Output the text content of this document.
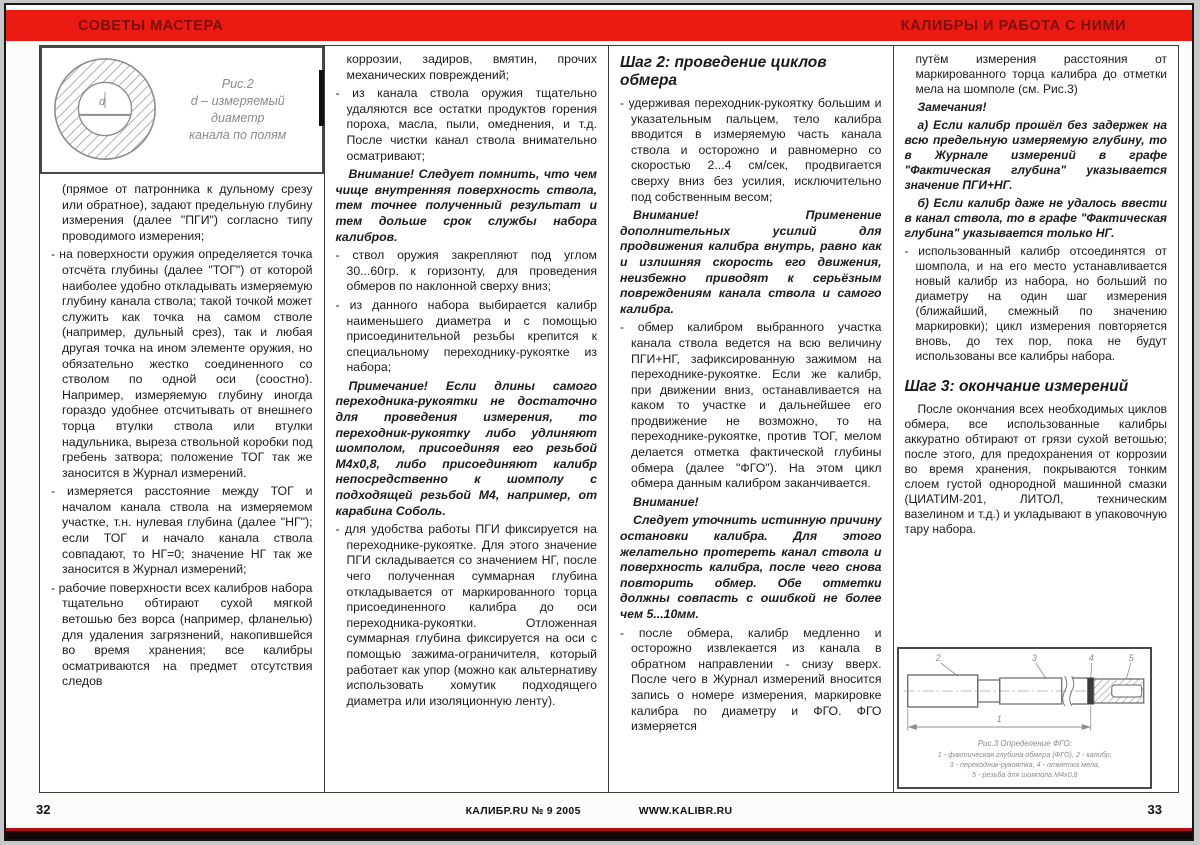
СОВЕТЫ МАСТЕРА	КАЛИБРЫ И РАБОТА С НИМИ
d
Рис.2
d – измеряемый диаметр
канала по полям

(прямое от патронника к дульному срезу или обратное), задают предельную глубину измерения (далее "ПГИ") согласно типу проводимого измерения;

- на поверхности оружия определяется точка отсчёта глубины (далее "ТОГ") от которой наиболее удобно откладывать измеряемую глубину канала ствола; такой точкой может служить как точка на самом стволе (например, дульный срез), так и любая другая точка на ином элементе оружия, но обязательно жестко соединенного со стволом по одной оси (соостно). Например, измеряемую глубину иногда гораздо удобнее отсчитывать от внешнего торца втулки ствола или втулки надульника, выреза ствольной коробки под гребень затвора; положение ТОГ так же заносится в Журнал измерений.

- измеряется расстояние между ТОГ и началом канала ствола на измеряемом участке, т.н. нулевая глубина (далее "НГ"); если ТОГ и начало канала ствола совпадают, то НГ=0; значение НГ так же заносится в Журнал измерений;

- рабочие поверхности всех калибров набора тщательно обтирают сухой мягкой ветошью без ворса (например, фланелью) для удаления загрязнений, накопившейся во время хранения; все калибры осматриваются на предмет отсутствия следов

коррозии, задиров, вмятин, прочих механических повреждений;

- из канала ствола оружия тщательно удаляются все остатки продуктов горения пороха, масла, пыли, омеднения, и т.д. После чистки канал ствола внимательно осматривают;

Внимание! Следует помнить, что чем чище внутренняя поверхность ствола, тем точнее полученный результат и тем дольше срок службы набора калибров.

- ствол оружия закрепляют под углом 30...60гр. к горизонту, для проведения обмеров по наклонной сверху вниз;

- из данного набора выбирается калибр наименьшего диаметра и с помощью присоединительной резьбы крепится к специальному переходнику-рукоятке из набора;

Примечание! Если длины самого переходника-рукоятки не достаточно для проведения измерения, то переходник-рукоятку либо удлиняют шомполом, присоединяя его резьбой М4х0,8, либо присоединяют калибр непосредственно к шомполу с подходящей резьбой М4, например, от карабина Соболь.

- для удобства работы ПГИ фиксируется на переходнике-рукоятке. Для этого значение ПГИ складывается со значением НГ, после чего полученная суммарная глубина откладывается от маркированного торца присоединенного калибра до оси переходника-рукоятки. Отложенная суммарная глубина фиксируется на оси с помощью зажима-ограничителя, который работает как упор (можно как альтернативу использовать хомутик подходящего диаметра или изоляционную ленту).

Шаг 2: проведение циклов обмера

- удерживая переходник-рукоятку большим и указательным пальцем, тело калибра вводится в измеряемую часть канала ствола и осторожно и равномерно со скоростью 2...4 см/сек, продвигается сверху вниз без усилия, исключительно под собственным весом;

Внимание! Применение дополнительных усилий для продвижения калибра внутрь, равно как и излишняя скорость его движения, неизбежно приводят к серьёзным повреждениям канала ствола и самого калибра.

- обмер калибром выбранного участка канала ствола ведется на всю величину ПГИ+НГ, зафиксированную зажимом на переходнике-рукоятке. Если же калибр, при движении вниз, останавливается на каком то участке и дальнейшее его продвижение не возможно, то на переходнике-рукоятке, против ТОГ, мелом делается отметка фактической глубины обмера (далее "ФГО"). На этом цикл обмера данным калибром заканчивается.

Внимание!

Следует уточнить истинную причину остановки калибра. Для этого желательно протереть канал ствола и поверхность калибра, после чего снова повторить обмер. Обе отметки должны совпасть с ошибкой не более чем 5...10мм.

- после обмера, калибр медленно и осторожно извлекается из канала в обратном направлении - снизу вверх. После чего в Журнал измерений вносится запись о номере измерения, маркировке калибра по диаметру и ФГО. ФГО измеряется

путём измерения расстояния от маркированного торца калибра до отметки мела на шомполе (см. Рис.3)

Замечания!

а) Если калибр прошёл без задержек на всю предельную измеряемую глубину, то в Журнале измерений в графе "Фактическая глубина" указывается значение ПГИ+НГ.

б) Если калибр даже не удалось ввести в канал ствола, то в графе "Фактическая глубина" указывается только НГ.

- использованный калибр отсоединятся от шомпола, и на его место устанавливается новый калибр из набора, но больший по диаметру на один шаг измерения (ближайший, смежный по значению маркировки); цикл измерения повторяется вновь, до тех пор, пока не будут использованы все калибры набора.

Шаг 3: окончание измерений

После окончания всех необходимых циклов обмера, все использованные калибры аккуратно обтирают от грязи сухой ветошью; после этого, для предохранения от коррозии во время хранения, покрываются тонким слоем густой однородной машинной смазки (ЦИАТИМ-201, ЛИТОЛ, техническим вазелином и т.д.) и укладывают в упаковочную тару набора.

2	3	4	5
1
Рис.3 Определение ФГО:
1 - фактическая глубина обмера (ФГО), 2 - калибр,
3 - переходник-рукоятка, 4 - отметка мела,
5 - резьба для шомпола М4х0,8
32	КАЛИБР.RU № 9 2005	WWW.KALIBR.RU	33
